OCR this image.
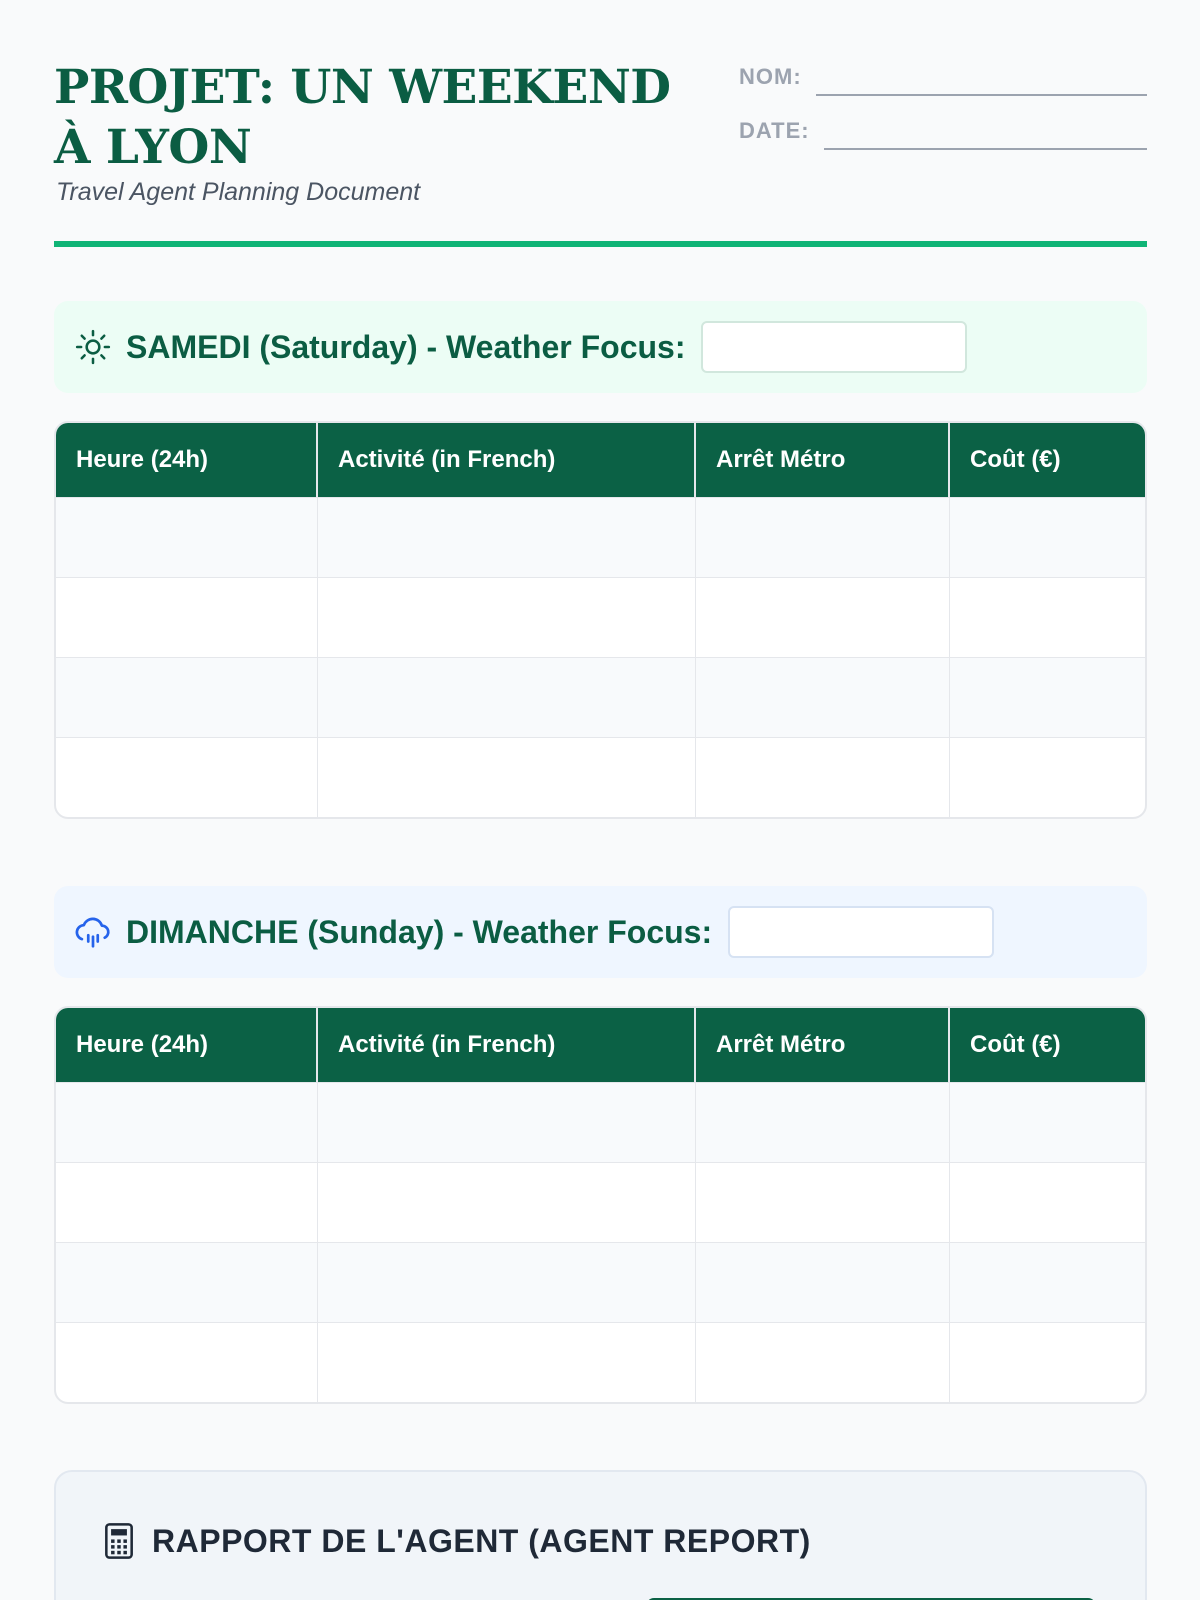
PROJET: UN WEEKEND À LYON
Travel Agent Planning Document
NOM:
DATE:
SAMEDI (Saturday) - Weather Focus:
Heure (24h)	Activité (in French)	Arrêt Métro	Coût (€)
DIMANCHE (Sunday) - Weather Focus:
Heure (24h)	Activité (in French)	Arrêt Métro	Coût (€)
RAPPORT DE L'AGENT (AGENT REPORT)
